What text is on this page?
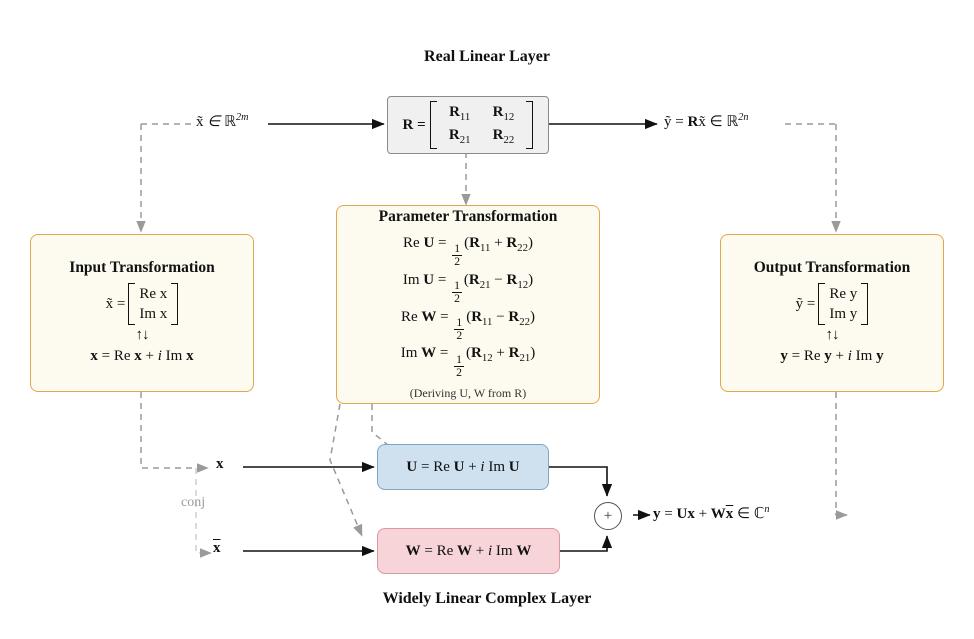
Real Linear Layer
R =
$R_{11}$ $R_{12}$
$R_{21}$ $R_{22}$
x̃ ∈ ℝ$^{2m}$	ỹ = Rx̃ ∈ ℝ$^{2n}$
Input Transformation
x̃ =
Re x
Im x
↑↓
x = Re x + i Im x
Parameter Transformation
Re U =
$\frac{1}{2}$
$(R_{11} + R_{22})$
Im U =
$\frac{1}{2}$
$(R_{21} - R_{12})$
Re W =
$\frac{1}{2}$
$(R_{11} - R_{22})$
Im W =
$\frac{1}{2}$
$(R_{12} + R_{21})$
(Deriving U, W from R)
Output Transformation
ỹ =
Re y
Im y
↑↓
y = Re y + i Im y
x
$\overline{x}$
conj
U = Re U + i Im U
W = Re W + i Im W
+	$y = Ux + W\overline{x}$ ∈ ℂ$^n$
Widely Linear Complex Layer
